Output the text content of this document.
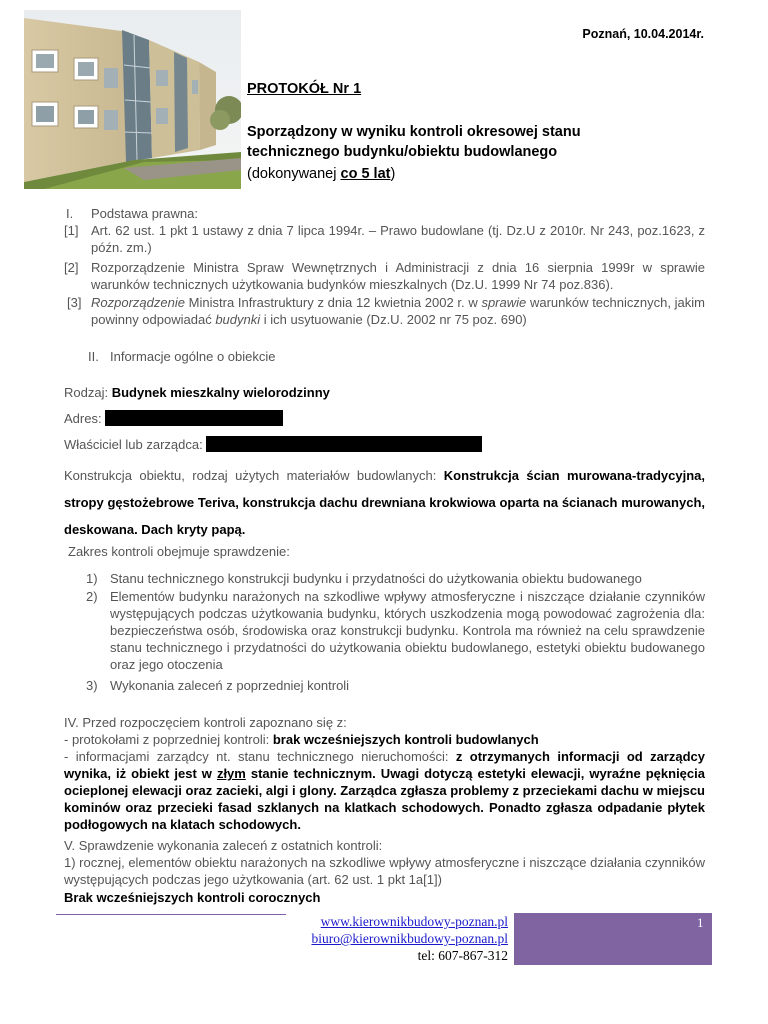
Poznań, 10.04.2014r.
PROTOKÓŁ Nr 1
Sporządzony w wyniku kontroli okresowej stanu
technicznego budynku/obiektu budowlanego
(dokonywanej co 5 lat)
I. Podstawa prawna:
[1] Art. 62 ust. 1 pkt 1 ustawy z dnia 7 lipca 1994r. – Prawo budowlane (tj. Dz.U z 2010r. Nr 243, poz.1623, z późn. zm.)
[2] Rozporządzenie Ministra Spraw Wewnętrznych i Administracji z dnia 16 sierpnia 1999r w sprawie warunków technicznych użytkowania budynków mieszkalnych (Dz.U. 1999 Nr 74 poz.836).
[3] Rozporządzenie Ministra Infrastruktury z dnia 12 kwietnia 2002 r. w sprawie warunków technicznych, jakim powinny odpowiadać budynki i ich usytuowanie (Dz.U. 2002 nr 75 poz. 690)
II. Informacje ogólne o obiekcie
Rodzaj: Budynek mieszkalny wielorodzinny
Adres:
Właściciel lub zarządca:
Konstrukcja obiektu, rodzaj użytych materiałów budowlanych: Konstrukcja ścian murowana-tradycyjna, stropy gęstożebrowe Teriva, konstrukcja dachu drewniana krokwiowa oparta na ścianach murowanych, deskowana. Dach kryty papą.
Zakres kontroli obejmuje sprawdzenie:
1) Stanu technicznego konstrukcji budynku i przydatności do użytkowania obiektu budowanego
2) Elementów budynku narażonych na szkodliwe wpływy atmosferyczne i niszczące działanie czynników występujących podczas użytkowania budynku, których uszkodzenia mogą powodować zagrożenia dla: bezpieczeństwa osób, środowiska oraz konstrukcji budynku. Kontrola ma również na celu sprawdzenie stanu technicznego i przydatności do użytkowania obiektu budowlanego, estetyki obiektu budowanego oraz jego otoczenia
3) Wykonania zaleceń z poprzedniej kontroli
IV. Przed rozpoczęciem kontroli zapoznano się z:
- protokołami z poprzedniej kontroli: brak wcześniejszych kontroli budowlanych
- informacjami zarządcy nt. stanu technicznego nieruchomości: z otrzymanych informacji od zarządcy wynika, iż obiekt jest w złym stanie technicznym. Uwagi dotyczą estetyki elewacji, wyraźne pęknięcia ocieplonej elewacji oraz zacieki, algi i glony. Zarządca zgłasza problemy z przeciekami dachu w miejscu kominów oraz przecieki fasad szklanych na klatkach schodowych. Ponadto zgłasza odpadanie płytek podłogowych na klatach schodowych.
V. Sprawdzenie wykonania zaleceń z ostatnich kontroli:
1) rocznej, elementów obiektu narażonych na szkodliwe wpływy atmosferyczne i niszczące działania czynników występujących podczas jego użytkowania (art. 62 ust. 1 pkt 1a[1])
Brak wcześniejszych kontroli corocznych
1
www.kierownikbudowy-poznan.pl
biuro@kierownikbudowy-poznan.pl
tel: 607-867-312
